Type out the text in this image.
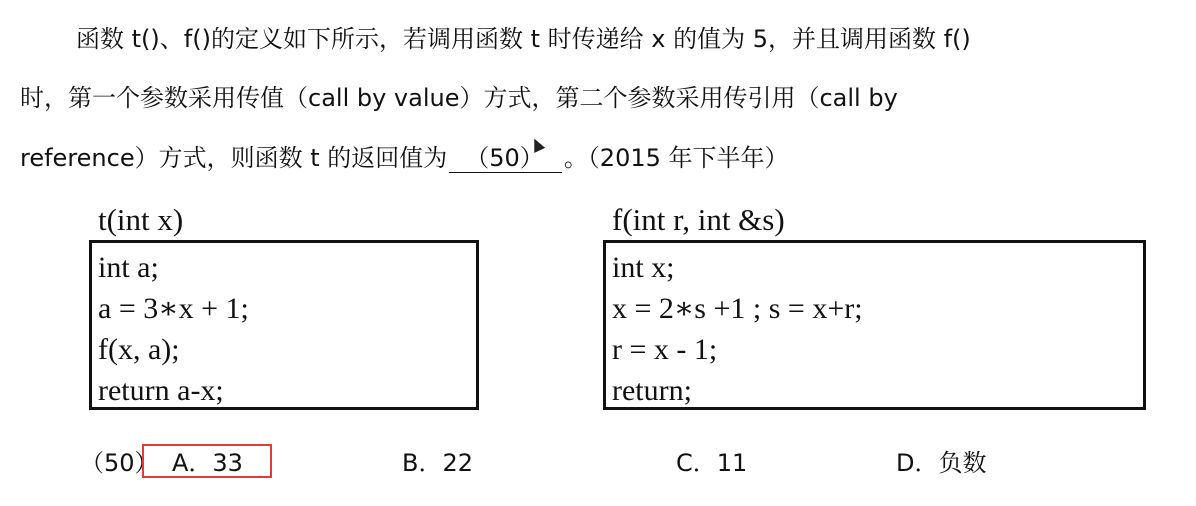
函数 t()、f()的定义如下所示，若调用函数 t 时传递给 x 的值为 5，并且调用函数 f()
时，第一个参数采用传值（call by value）方式，第二个参数采用传引用（call by
reference）方式，则函数 t 的返回值为 （50） 。（2015 年下半年）
t(int x)
int a;
a = 3∗x + 1;
f(x, a);
return a-x;
f(int r, int &s)
int x;
x = 2∗s +1 ; s = x+r;
r = x - 1;
return;
（50） A．33	B．22	C．11	D．负数
